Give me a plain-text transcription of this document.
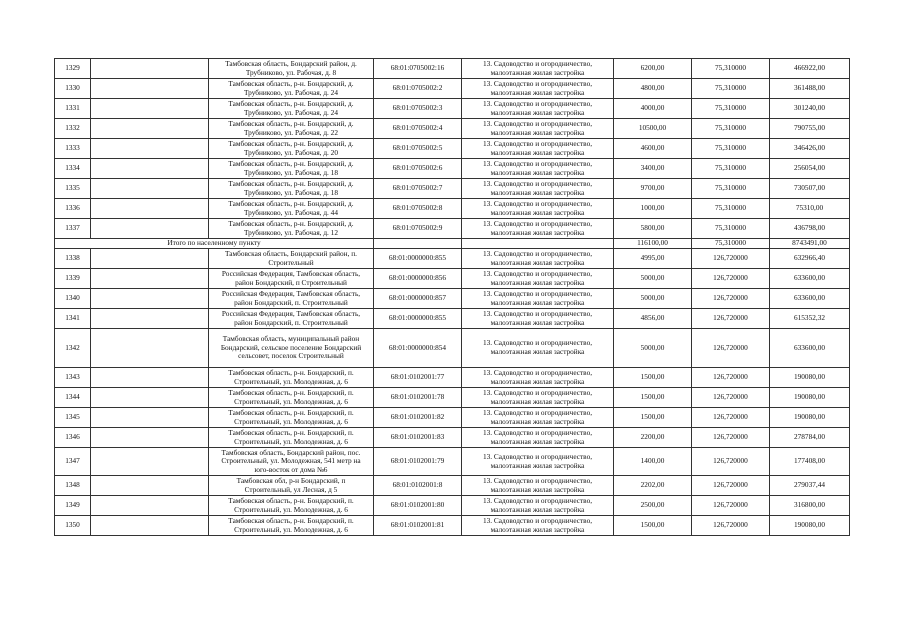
1329		Тамбовская область, Бондарский район, д.
Трубниково, ул. Рабочая, д. 8	68:01:0705002:16	13. Садоводство и огородничество,
малоэтажная жилая застройка	6200,00	75,310000	466922,00
1330		Тамбовская область, р-н. Бондарский, д.
Трубниково, ул. Рабочая, д. 24	68:01:0705002:2	13. Садоводство и огородничество,
малоэтажная жилая застройка	4800,00	75,310000	361488,00
1331		Тамбовская область, р-н. Бондарский, д.
Трубниково, ул. Рабочая, д. 24	68:01:0705002:3	13. Садоводство и огородничество,
малоэтажная жилая застройка	4000,00	75,310000	301240,00
1332		Тамбовская область, р-н. Бондарский, д.
Трубниково, ул. Рабочая, д. 22	68:01:0705002:4	13. Садоводство и огородничество,
малоэтажная жилая застройка	10500,00	75,310000	790755,00
1333		Тамбовская область, р-н. Бондарский, д.
Трубниково, ул. Рабочая, д. 20	68:01:0705002:5	13. Садоводство и огородничество,
малоэтажная жилая застройка	4600,00	75,310000	346426,00
1334		Тамбовская область, р-н. Бондарский, д.
Трубниково, ул. Рабочая, д. 18	68:01:0705002:6	13. Садоводство и огородничество,
малоэтажная жилая застройка	3400,00	75,310000	256054,00
1335		Тамбовская область, р-н. Бондарский, д.
Трубниково, ул. Рабочая, д. 18	68:01:0705002:7	13. Садоводство и огородничество,
малоэтажная жилая застройка	9700,00	75,310000	730507,00
1336		Тамбовская область, р-н. Бондарский, д.
Трубниково, ул. Рабочая, д. 44	68:01:0705002:8	13. Садоводство и огородничество,
малоэтажная жилая застройка	1000,00	75,310000	75310,00
1337		Тамбовская область, р-н. Бондарский, д.
Трубниково, ул. Рабочая, д. 12	68:01:0705002:9	13. Садоводство и огородничество,
малоэтажная жилая застройка	5800,00	75,310000	436798,00
Итого по населенному пункту					116100,00	75,310000	8743491,00
1338		Тамбовская область, Бондарский район, п.
Строительный	68:01:0000000:855	13. Садоводство и огородничество,
малоэтажная жилая застройка	4995,00	126,720000	632966,40
1339		Российская Федерация, Тамбовская область,
район Бондарский, п Строительный	68:01:0000000:856	13. Садоводство и огородничество,
малоэтажная жилая застройка	5000,00	126,720000	633600,00
1340		Российская Федерация, Тамбовская область,
район Бондарский, п. Строительный	68:01:0000000:857	13. Садоводство и огородничество,
малоэтажная жилая застройка	5000,00	126,720000	633600,00
1341		Российская Федерация, Тамбовская область,
район Бондарский, п. Строительный	68:01:0000000:855	13. Садоводство и огородничество,
малоэтажная жилая застройка	4856,00	126,720000	615352,32
1342		Тамбовская область, муниципальный район
Бондарский, сельское поселение Бондарский
сельсовет, поселок Строительный	68:01:0000000:854	13. Садоводство и огородничество,
малоэтажная жилая застройка	5000,00	126,720000	633600,00
1343		Тамбовская область, р-н. Бондарский, п.
Строительный, ул. Молодежная, д. 6	68:01:0102001:77	13. Садоводство и огородничество,
малоэтажная жилая застройка	1500,00	126,720000	190080,00
1344		Тамбовская область, р-н. Бондарский, п.
Строительный, ул. Молодежная, д. 6	68:01:0102001:78	13. Садоводство и огородничество,
малоэтажная жилая застройка	1500,00	126,720000	190080,00
1345		Тамбовская область, р-н. Бондарский, п.
Строительный, ул. Молодежная, д. 6	68:01:0102001:82	13. Садоводство и огородничество,
малоэтажная жилая застройка	1500,00	126,720000	190080,00
1346		Тамбовская область, р-н. Бондарский, п.
Строительный, ул. Молодежная, д. 6	68:01:0102001:83	13. Садоводство и огородничество,
малоэтажная жилая застройка	2200,00	126,720000	278784,00
1347		Тамбовская область, Бондарский район, пос.
Строительный, ул. Молодежная, 541 метр на
юго-восток от дома №6	68:01:0102001:79	13. Садоводство и огородничество,
малоэтажная жилая застройка	1400,00	126,720000	177408,00
1348		Тамбовская обл, р-н Бондарский, п
Строительный, ул Лесная, д 5	68:01:0102001:8	13. Садоводство и огородничество,
малоэтажная жилая застройка	2202,00	126,720000	279037,44
1349		Тамбовская область, р-н. Бондарский, п.
Строительный, ул. Молодежная, д. 6	68:01:0102001:80	13. Садоводство и огородничество,
малоэтажная жилая застройка	2500,00	126,720000	316800,00
1350		Тамбовская область, р-н. Бондарский, п.
Строительный, ул. Молодежная, д. 6	68:01:0102001:81	13. Садоводство и огородничество,
малоэтажная жилая застройка	1500,00	126,720000	190080,00
